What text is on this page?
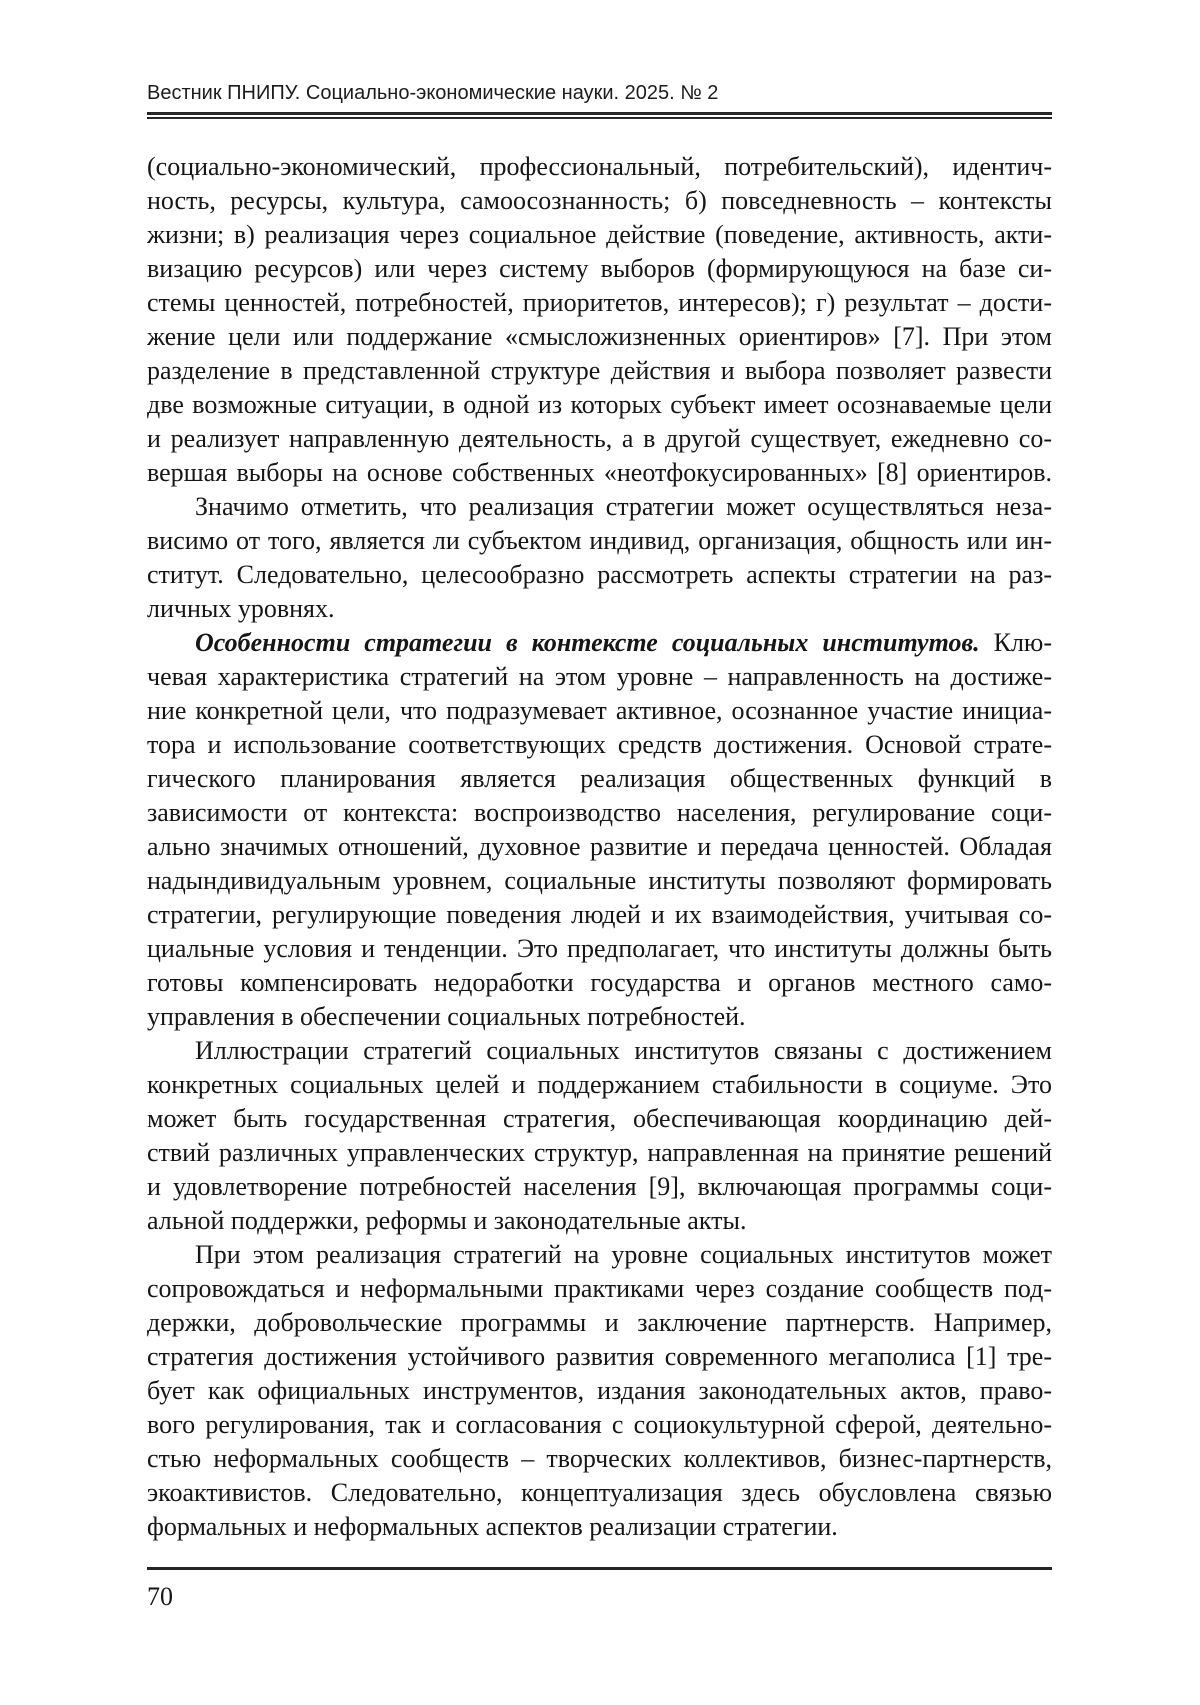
Вестник ПНИПУ. Социально-экономические науки. 2025. № 2
(социально-экономический, профессиональный, потребительский), идентич-
ность, ресурсы, культура, самоосознанность; б) повседневность – контексты
жизни; в) реализация через социальное действие (поведение, активность, акти-
визацию ресурсов) или через систему выборов (формирующуюся на базе си-
стемы ценностей, потребностей, приоритетов, интересов); г) результат – дости-
жение цели или поддержание «смысложизненных ориентиров» [7]. При этом
разделение в представленной структуре действия и выбора позволяет развести
две возможные ситуации, в одной из которых субъект имеет осознаваемые цели
и реализует направленную деятельность, а в другой существует, ежедневно со-
вершая выборы на основе собственных «неотфокусированных» [8] ориентиров.
Значимо отметить, что реализация стратегии может осуществляться неза-
висимо от того, является ли субъектом индивид, организация, общность или ин-
ститут. Следовательно, целесообразно рассмотреть аспекты стратегии на раз-
личных уровнях.
Особенности стратегии в контексте социальных институтов. Клю-
чевая характеристика стратегий на этом уровне – направленность на достиже-
ние конкретной цели, что подразумевает активное, осознанное участие инициа-
тора и использование соответствующих средств достижения. Основой страте-
гического планирования является реализация общественных функций в
зависимости от контекста: воспроизводство населения, регулирование соци-
ально значимых отношений, духовное развитие и передача ценностей. Обладая
надындивидуальным уровнем, социальные институты позволяют формировать
стратегии, регулирующие поведения людей и их взаимодействия, учитывая со-
циальные условия и тенденции. Это предполагает, что институты должны быть
готовы компенсировать недоработки государства и органов местного само-
управления в обеспечении социальных потребностей.
Иллюстрации стратегий социальных институтов связаны с достижением
конкретных социальных целей и поддержанием стабильности в социуме. Это
может быть государственная стратегия, обеспечивающая координацию дей-
ствий различных управленческих структур, направленная на принятие решений
и удовлетворение потребностей населения [9], включающая программы соци-
альной поддержки, реформы и законодательные акты.
При этом реализация стратегий на уровне социальных институтов может
сопровождаться и неформальными практиками через создание сообществ под-
держки, добровольческие программы и заключение партнерств. Например,
стратегия достижения устойчивого развития современного мегаполиса [1] тре-
бует как официальных инструментов, издания законодательных актов, право-
вого регулирования, так и согласования с социокультурной сферой, деятельно-
стью неформальных сообществ – творческих коллективов, бизнес-партнерств,
экоактивистов. Следовательно, концептуализация здесь обусловлена связью
формальных и неформальных аспектов реализации стратегии.
70
